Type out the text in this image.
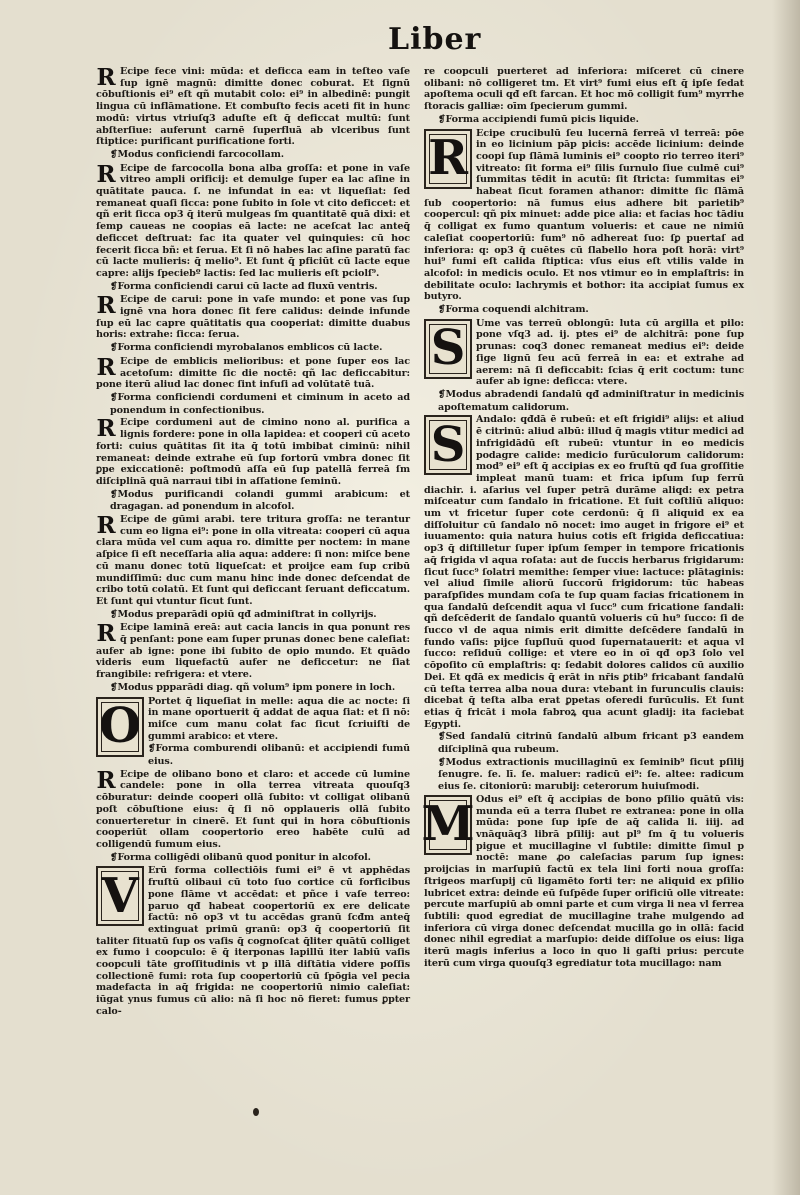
Liber

R Ecipe fece vini: mūda: et deficca eam in teſteo vaſe ſup ignē magnū: dimitte donec coburat. Et ſignū cōbuſtionis ei⁹ eſt qñ mutabit colo: ei⁹ in albedinē: pungit lingua cū inflāmatione. Et combuſto fecis aceti fit in hunc modū: virtus vtriuſq3 aduſte eſt q̄ deficcat multū: ſunt abſterſiue: auferunt carnē ſuperfluā ab vlceribus ſunt ſtiptice: purificant purificatione forti.

❡ Modus conficiendi farcocollam.

R Ecipe de farcocolla bona alba groſſa: et pone in vaſe vitreo ampli orificij: et demulge ſuper ea lac aſine in quātitate pauca. ſ. ne infundat in ea: vt liqueſiat: ſed remaneat quaſi ſicca: pone ſubito in ſole vt cito deficcet: et qñ erit ſicca op3 q̄ iterū mulgeas ſm quantitatē quā dixi: et ſemp caueas ne coopias eā lacte: ne aceſcat lac anteq̄ deficcet deſtruat: fac ita quater vel quinquies: cū hoc fecerit ſicca bñ: et ſerua. Et ſi nō habes lac aſine paratū fac cū lacte mulieris: q̄ melio⁹. Et ſunt q̄ pficiūt cū lacte eque capre: alijs ſpeciebº lactis: ſed lac mulieris eſt pciolſ⁹.

❡ Forma conficiendi carui cū lacte ad fluxū ventris.

R Ecipe de carui: pone in vaſe mundo: et pone vas ſup ignē vna hora donec ſit fere calidus: deinde infunde ſup eū lac capre quātitatis qua cooperiat: dimitte duabus horis: extrahe: ſicca: ſerua.

❡ Forma conficiendi myrobalanos emblicos cū lacte.

R Ecipe de emblicis melioribus: et pone ſuper eos lac acetoſum: dimitte ſic die noctē: qñ lac deficcabitur: pone iterū aliud lac donec ſint infuſi ad volūtatē tuā.

❡ Forma conficiendi cordumeni et ciminum in aceto ad ponendum in confectionibus.

R Ecipe cordumeni aut de cimino nono al. purifica a lignis fordere: pone in olla lapidea: et cooperi cū aceto forti: cuius quātitas ſit ita q̄ totū imbibat ciminū: nihil remaneat: deinde extrahe eū ſup fortorū vmbra donec ſit ꝑpe exiccationē: poſtmodū aſſa eū ſup patellā ferreā ſm diſciplinā quā narraui tibi in aſſatione ſeminū.

❡ Modus purificandi colandi gummi arabicum: et dragagan. ad ponendum in alcofol.

R Ecipe de gūmi arabi. tere tritura groſſa: ne terantur cum eo ligna ei⁹: pone in olla vitreata: cooperi cū aqua clara mūda vel cum aqua ro. dimitte per noctem: in mane aſpice ſi eſt neceſſaria alia aqua: addere: ſi non: miſce bene cū manu donec totū liqueſcat: et proijce eam ſup cribū mundiſſimū: duc cum manu hinc inde donec deſcendat de cribo totū colatū. Et ſunt qui deficcant ſeruant deficcatum. Et ſunt qui vtuntur ſicut ſunt.

❡ Modus preparādi opiū qđ adminiſtrat in collyrijs.

R Ecipe laminā ereā: aut cacia lancis in qua ponunt res q̄ penſant: pone eam ſuper prunas donec bene caleſiat: aufer ab igne: pone ibi ſubito de opio mundo. Et quādo videris eum liquefactū aufer ne deficcetur: ne ſiat frangibile: refrigera: et vtere.

❡ Modus ppparādi diag. qñ volum⁹ ipm ponere in loch.

O Portet q̄ liqueſiat in melle: aqua die ac nocte: ſi in mane oportuerit q̄ addat de aqua ſiat: et ſi nō: miſce cum manu colat fac ſicut ſcriuiſti de gummi arabico: et vtere.

❡ Forma comburendi olibanū: et accipiendi fumū eius.

R Ecipe de olibano bono et claro: et accede cū lumine candele: pone in olla terrea vitreata quouſq3 cōburatur: deinde cooperi ollā ſubito: vt colligat olibanū poſt cōbuſtione eius: q̄ ſi nō opplaueris ollā ſubito conuerteretur in cinerē. Et ſunt qui in hora cōbuſtionis cooperiūt ollam coopertorio ereo habēte culū ad colligendū fumum eius.

❡ Forma colligēdi olibanū quod ponitur in alcofol.

V Erū forma collectiōis fumi ei⁹ ē vt apphēdas fruſtū olibaui cū toto ſuo cortice cū forficibus pone ſlāme vt accēdat: et pñce i vaſe terreo: paruo qđ habeat coopertoriū ex ere delicate factū: nō op3 vt tu accēdas granū ſcđm anteq̄ extinguat primū granū: op3 q̄ coopertoriū ſit taliter ſituatū ſup os vaſis q̄ cognoſcat q̄liter quātū colliget ex fumo i coopculo: ē q̄ iterponas lapillū iter labiū vaſis coopculi tāte groſſitudinis vt p illā diſtātia videre poſſis collectionē fumi: rota ſup coopertoriū cū ſpōgia vel pecia madefacta in aq̄ frigida: ne coopertoriū nimio caleſiat: iūgat ynus fumus cū alio: nā ſi hoc nō fieret: fumus ꝑpter calo-

re coopculi puerteret ad inferiora: miſceret cū cinere olibani: nō colligeret tm. Et virt⁹ fumi eius eſt q̄ ipſe ſedat apoſtema oculi qđ eſt farcan. Et hoc mō colligit fum⁹ myrrhe ſtoracis galliæ: oīm ſpecierum gummi.

❡ Forma accipiendi fumū picis liquide.

R Ecipe crucibulū ſeu lucernā ferreā vl terreā: pōe in eo licinium pāp picis: accēde licinium: deinde coopi ſup ſlāmā luminis ei⁹ coopto rio terreo iteri⁹ vitreato: ſit forma ei⁹ ſilis ſurnulo ſiue culmē cui⁹ ſummitas tēdit in acutū: ſit ſtricta: ſummitas ei⁹ habeat ſicut foramen athanor: dimitte ſic ſlāmā ſub coopertorio: nā fumus eius adhere bit parietib⁹ coopercul: qñ pix minuet: adde pice alia: et facias hoc tādiu q̄ colligat ex fumo quantum volueris: et caue ne nimiū caleſiat coopertoriū: fum⁹ nō adhereat ſuo: ſꝑ puertaſ ad inferiora: q: op3 q̄ cuētes cū ſlabello hora poſt horā: virt⁹ hui⁹ fumi eſt calida ſtiptica: vſus eius eſt vtilis valde in alcofol: in medicis oculo. Et nos vtimur eo in emplaſtris: in debilitate oculo: lachrymis et bothor: ita accipiat ſumus ex butyro.

❡ Forma coquendi alchitram.

S	Ume vas terreū oblongū: luta cū argilla et pilo: pone vſq3 ad. ij. ptes ei⁹ de alchitrā: pone ſup prunas: coq3 donec remaneat medius ei⁹: deide ſige lignū ſeu acū ferreā in ea: et extrahe ad aerem: nā ſi deficcabit: ſcias q̄ erit coctum: tunc aufer ab igne: deficca: vtere.

❡ Modus abradendi ſandalū qđ adminiſtratur in medicinis apoſtematum calidorum.

S	Andalo: qđdā ē rubeū: et eſt frigidi⁹ alijs: et aliud ē citrinū: aliud albū: illud q̄ magis vtitur medici ad infrigidādū eſt rubeū: vtuntur in eo medicis podagre calide: medicio furūculorum calidorum: mod⁹ ei⁹ eſt q̄ accipias ex eo fruſtū qđ ſua groſſitie impleat manū tuam: et frica ipſum ſup ferrū diachir. i. aſarius vel ſuper petrā durāme aliqd: ex petra miſceatur cum ſandalo in fricatione. Et ſuit coſtliū aliquo: um vt fricetur ſuper cote cerdonū: q̄ ſi aliquid ex ea diſſoluitur cū ſandalo nō nocet: imo auget in frigore ei⁹ et iuuamento: quia natura huius cotis eſt frigida deficcatiua: op3 q̄ diſtilletur ſuper ipſum ſemper in tempore fricationis aq̄ frigida vl aqua roſata: aut de ſuccis herbarus frigidarum: ſicut ſucc⁹ ſolatri memithe: ſemper viue: lactuce: plātaginis: vel aliud ſimile aliorū ſuccorū frigidorum: tūc habeas paraſpſides mundam coſa te ſup quam facias fricationem in qua ſandalū deſcendit aqua vl ſucc⁹ cum fricatione ſandali: qñ deſcēderit de ſandalo quantū volueris cū hu⁹ ſucco: ſi de ſucco vl de aqua nimis erit dimitte deſcēdere ſandalū in fundo vaſis: pijce ſupſluū quod ſupernatauerit: et aqua vl ſucco: reſiduū collige: et vtere eo in oī qđ op3 ſolo vel cōpoſito cū emplaſtris: q: ſedabit dolores calidos cū auxilio Dei. Et qđā ex medicis q̄ erāt in nr̄is ꝑtib⁹ fricabant ſandalū cū teſta terrea alba noua dura: vtebant in furunculis clauis: dicebat q̄ teſta alba erat ꝑpetas oferedi furūculis. Et ſunt etias q̄ fricāt i mola fabroꝝ qua acunt gladij: ita faciebat Egypti.

❡ Sed ſandalū citrinū ſandalū album fricant p3 eandem diſciplinā qua rubeum.

❡ Modus extractionis mucillaginū ex ſeminib⁹ ſicut pſilij ſenugre. ſe. lī. ſe. maluer: radicū ei⁹: ſe. altee: radicum eius ſe. citoniorū: marubij: ceterorum huiuſmodi.

M Odus ei⁹ eſt q̄ accipias de bono pſilio quātū vis: munda eū a terra ſlubet re extranea: pone in olla mūda: pone ſup ipſe de aq̄ calida li. iiij. ad vnāquāq3 librā pſilij: aut pl⁹ ſm q̄ tu volueris pigue et mucillagine vl ſubtile: dimitte ſimul p noctē: mane ꝓo caleſacias parum ſup ignes: proijcias in marſupiū factū ex tela lini forti noua groſſa: ſtrigeos marſupij cū ligamēto forti ter: ne aliquid ex pſilio lubricet extra: deinde eū ſuſpēde ſuper orificiū olle vitreate: percute marſupiū ab omni parte et cum virga li nea vl ferrea ſubtili: quod egrediat de mucillagine trahe mulgendo ad inferiora cū virga donec deſcendat mucilla go in ollā: facid donec nihil egrediat a marſupio: deide diſſolue os eius: liga iterū magis inferius a loco in quo li gaſti prius: percute iterū cum virga quouſq3 egrediatur tota mucillago: nam
